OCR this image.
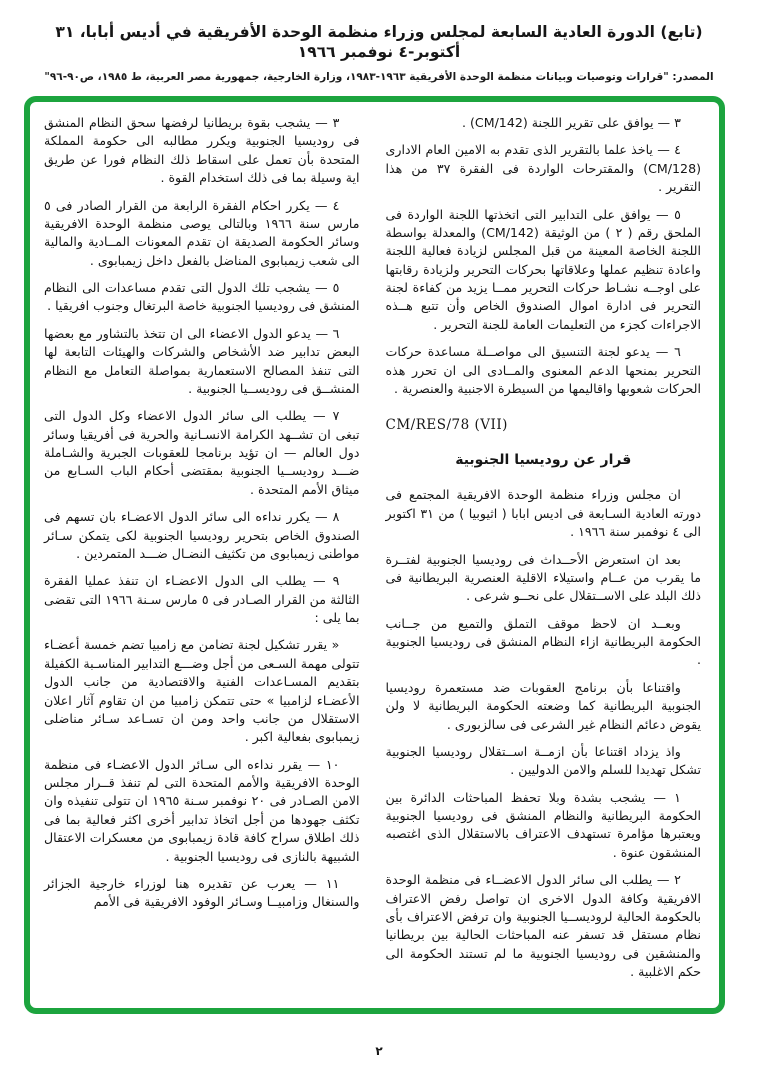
(تابع) الدورة العادية السابعة لمجلس وزراء منظمة الوحدة الأفريقية في أديس أبابا، ٣١ أكتوبر-٤ نوفمبر ١٩٦٦
المصدر: "قرارات وتوصيات وبيانات منظمة الوحدة الأفريقية ١٩٦٣-١٩٨٣، وزارة الخارجية، جمهورية مصر العربية، ط ١٩٨٥، ص٩٠-٩٦"

٣ — يوافق على تقرير اللجنة (CM/142) .

٤ — ياخذ علما بالتقرير الذى تقدم به الامين العام الادارى (CM/128) والمقترحات الواردة فى الفقرة ٣٧ من هذا التقرير .

٥ — يوافق على التدابير التى اتخذتها اللجنة الواردة فى الملحق رقم ( ٢ ) من الوثيقة (CM/142) والمعدلة بواسطة اللجنة الخاصة المعينة من قبل المجلس لزيادة فعالية اللجنة واعادة تنظيم عملها وعلاقاتها بحركات التحرير ولزيادة رقابتها على اوجــه نشـاط حركات التحرير ممــا يزيد من كفاءة لجنة التحرير فى ادارة اموال الصندوق الخاص وأن تتبع هــذه الاجراءات كجزء من التعليمات العامة للجنة التحرير .

٦ — يدعو لجنة التنسيق الى مواصــلة مساعدة حركات التحرير بمنحها الدعم المعنوى والمــادى الى ان تحرر هذه الحركات شعوبها واقاليمها من السيطرة الاجنبية والعنصرية .

CM/RES/78 (VII)

قرار عن روديسيا الجنوبية

ان مجلس وزراء منظمة الوحدة الافريقية المجتمع فى دورته العادية السـابعة فى اديس ابابا ( اثيوبيا ) من ٣١ اكتوبر الى ٤ نوفمبر سنة ١٩٦٦ .

بعد ان استعرض الأحــداث فى روديسيا الجنوبية لفتــرة ما يقرب من عــام واستيلاء الاقلية العنصرية البريطانية فى ذلك البلد على الاســتقلال على نحــو شرعى .

وبعــد ان لاحظ موقف التملق والتميع من جــانب الحكومة البريطانية ازاء النظام المنشق فى روديسيا الجنوبية .

واقتناعا بأن برنامج العقوبات ضد مستعمرة روديسيا الجنوبية البريطانية كما وضعته الحكومة البريطانية لا ولن يقوض دعائم النظام غير الشرعى فى سالزبورى .

واذ يزداد اقتناعا بأن ازمــة اســتقلال روديسيا الجنوبية تشكل تهديدا للسلم والامن الدوليين .

١ — يشجب بشدة وبلا تحفظ المباحثات الدائرة بين الحكومة البريطانية والنظام المنشق فى روديسيا الجنوبية ويعتبرها مؤامرة تستهدف الاعتراف بالاستقلال الذى اغتصبه المنشقون عنوة .

٢ — يطلب الى سائر الدول الاعضــاء فى منظمة الوحدة الافريقية وكافة الدول الاخرى ان تواصل رفض الاعتراف بالحكومة الحالية لروديســيا الجنوبية وان ترفض الاعتراف بأى نظام مستقل قد تسفر عنه المباحثات الحالية بين بريطانيا والمنشقين فى روديسيا الجنوبية ما لم تستند الحكومة الى حكم الاغلبية .

٣ — يشجب بقوة بريطانيا لرفضها سحق النظام المنشق فى روديسيا الجنوبية ويكرر مطالبه الى حكومة المملكة المتحدة بأن تعمل على اسقاط ذلك النظام فورا عن طريق اية وسيلة بما فى ذلك استخدام القوة .

٤ — يكرر احكام الفقرة الرابعة من القرار الصادر فى ٥ مارس سنة ١٩٦٦ وبالتالى يوصى منظمة الوحدة الافريقية وسائر الحكومة الصديقة ان تقدم المعونات المــادية والمالية الى شعب زيمبابوى المناضل بالفعل داخل زيمبابوى .

٥ — يشجب تلك الدول التى تقدم مساعدات الى النظام المنشق فى روديسيا الجنوبية خاصة البرتغال وجنوب افريقيا .

٦ — يدعو الدول الاعضاء الى ان تتخذ بالتشاور مع بعضها البعض تدابير ضد الأشخاص والشركات والهيئات التابعة لها التى تنفذ المصالح الاستعمارية بمواصلة التعامل مع النظام المنشــق فى روديســيا الجنوبية .

٧ — يطلب الى سائر الدول الاعضاء وكل الدول التى تبغى ان تشــهد الكرامة الانسـانية والحرية فى أفريقيا وسائر دول العالم — ان تؤيد برنامجا للعقوبات الجبرية والشـاملة ضـــد روديســيا الجنوبية بمقتضى أحكام الباب السـابع من ميثاق الأمم المتحدة .

٨ — يكرر نداءه الى سائر الدول الاعضـاء بان تسهم فى الصندوق الخاص بتحرير روديسيا الجنوبية لكى يتمكن سـائر مواطنى زيمبابوى من تكثيف النضـال ضـــد المتمردين .

٩ — يطلب الى الدول الاعضـاء ان تنفذ عمليا الفقرة الثالثة من القرار الصـادر فى ٥ مارس سـنة ١٩٦٦ التى تقضى بما يلى :

« يقرر تشكيل لجنة تضامن مع زامبيا تضم خمسة أعضـاء تتولى مهمة السـعى من أجل وضـــع التدابير المناسـبة الكفيلة بتقديم المسـاعدات الفنية والاقتصادية من جانب الدول الأعضـاء لزامبيا » حتى تتمكن زامبيا من ان تقاوم آثار اعلان الاستقلال من جانب واحد ومن ان تسـاعد سـائر مناضلى زيمبابوى بفعالية اكبر .

١٠ — يقرر نداءه الى سـائر الدول الاعضـاء فى منظمة الوحدة الافريقية والأمم المتحدة التى لم تنفذ قــرار مجلس الامن الصـادر فى ٢٠ نوفمبر سـنة ١٩٦٥ ان تتولى تنفيذه وان تكثف جهودها من أجل اتخاذ تدابير أخرى اكثر فعالية بما فى ذلك اطلاق سراح كافة قادة زيمبابوى من معسكرات الاعتقال الشبيهة بالنازى فى روديسيا الجنوبية .

١١ — يعرب عن تقديره هنا لوزراء خارجية الجزائر والسنغال وزامبيــا وسـائر الوفود الافريقية فى الأمم

٢
